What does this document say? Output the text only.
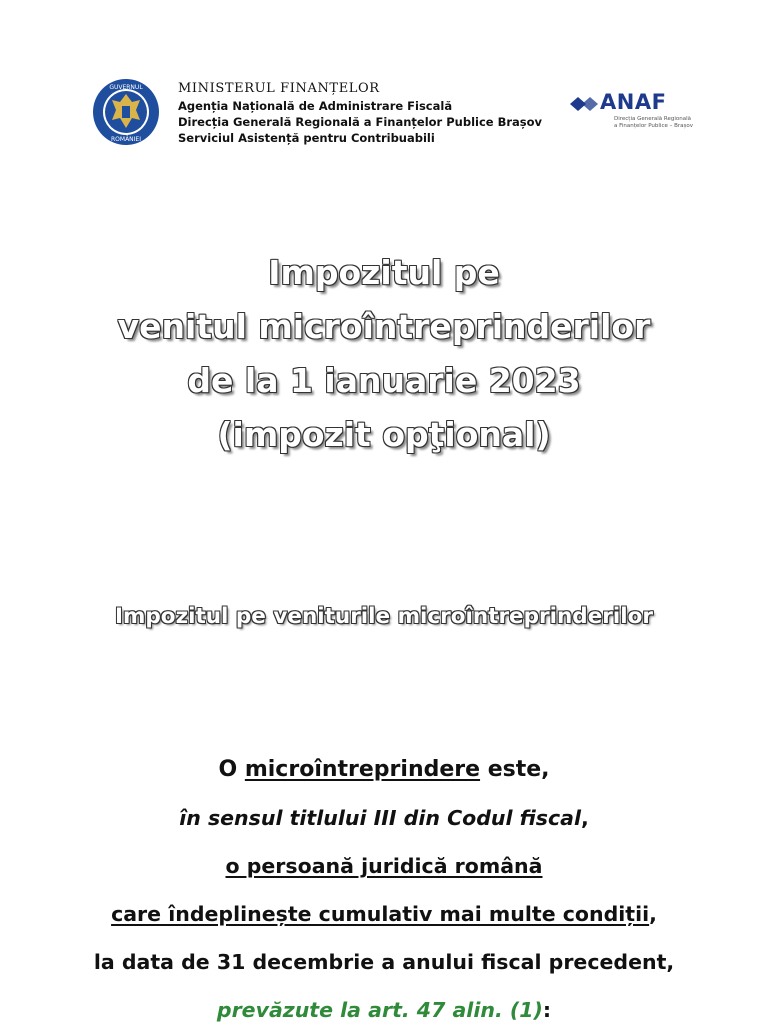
GUVERNUL
ROMÂNIEI
MINISTERUL FINANȚELOR
Agenția Națională de Administrare Fiscală
Direcția Generală Regională a Finanțelor Publice Brașov
Serviciul Asistență pentru Contribuabili
ANAF
Direcția Generală Regională
a Finanțelor Publice – Brașov
Impozitul pe
venitul microîntreprinderilor
de la 1 ianuarie 2023
(impozit opţional)
Impozitul pe veniturile microîntreprinderilor
O microîntreprindere este,
în sensul titlului III din Codul fiscal,
o persoană juridică română
care îndeplinește cumulativ mai multe condiții,
la data de 31 decembrie a anului fiscal precedent,
prevăzute la art. 47 alin. (1):
